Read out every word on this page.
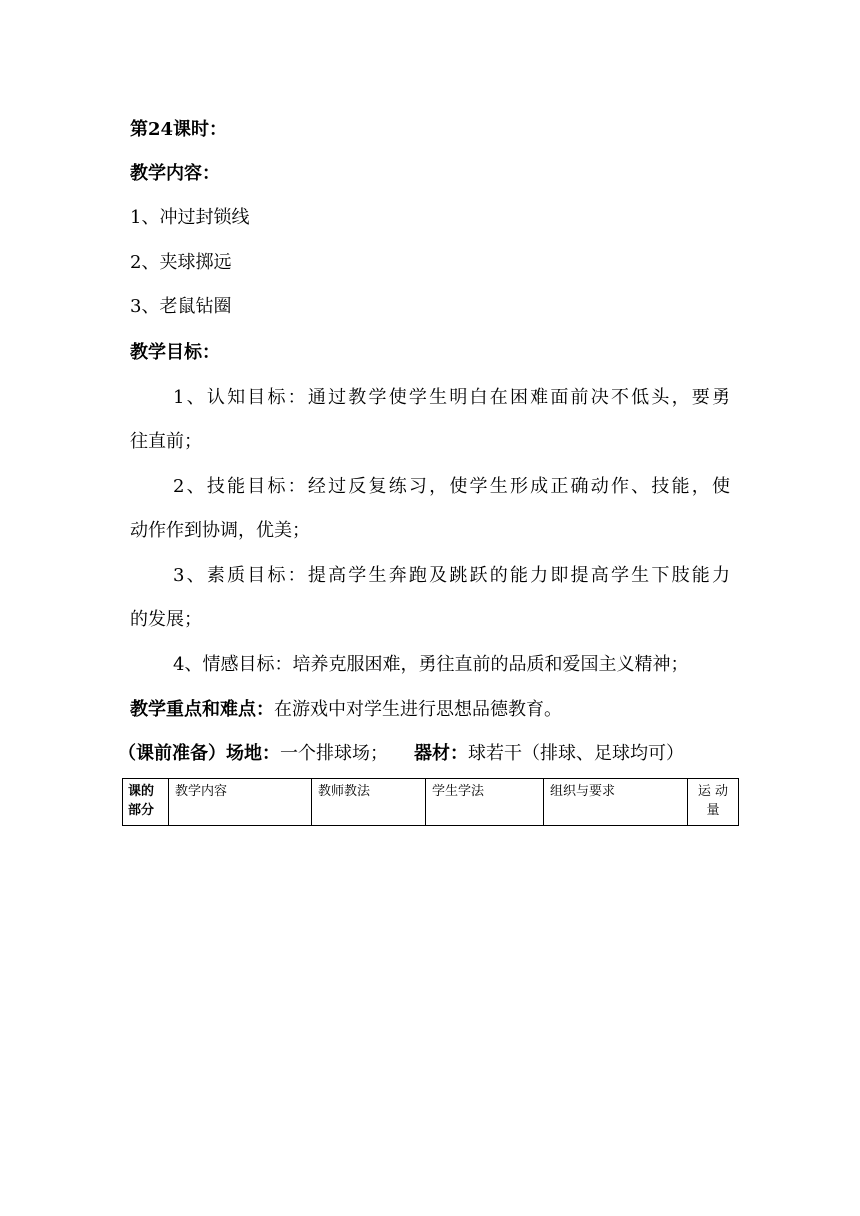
第24课时：
教学内容：
1、冲过封锁线
2、夹球掷远
3、老鼠钻圈
教学目标：
1、认知目标：通过教学使学生明白在困难面前决不低头，要勇
往直前；
2、技能目标：经过反复练习，使学生形成正确动作、技能，使
动作作到协调，优美；
3、素质目标：提高学生奔跑及跳跃的能力即提高学生下肢能力
的发展；
4、情感目标：培养克服困难，勇往直前的品质和爱国主义精神；
教学重点和难点：在游戏中对学生进行思想品德教育。
（课前准备）场地：一个排球场； 器材：球若干（排球、足球均可）
课的部分	教学内容	教师教法	学生学法	组织与要求	运 动量
